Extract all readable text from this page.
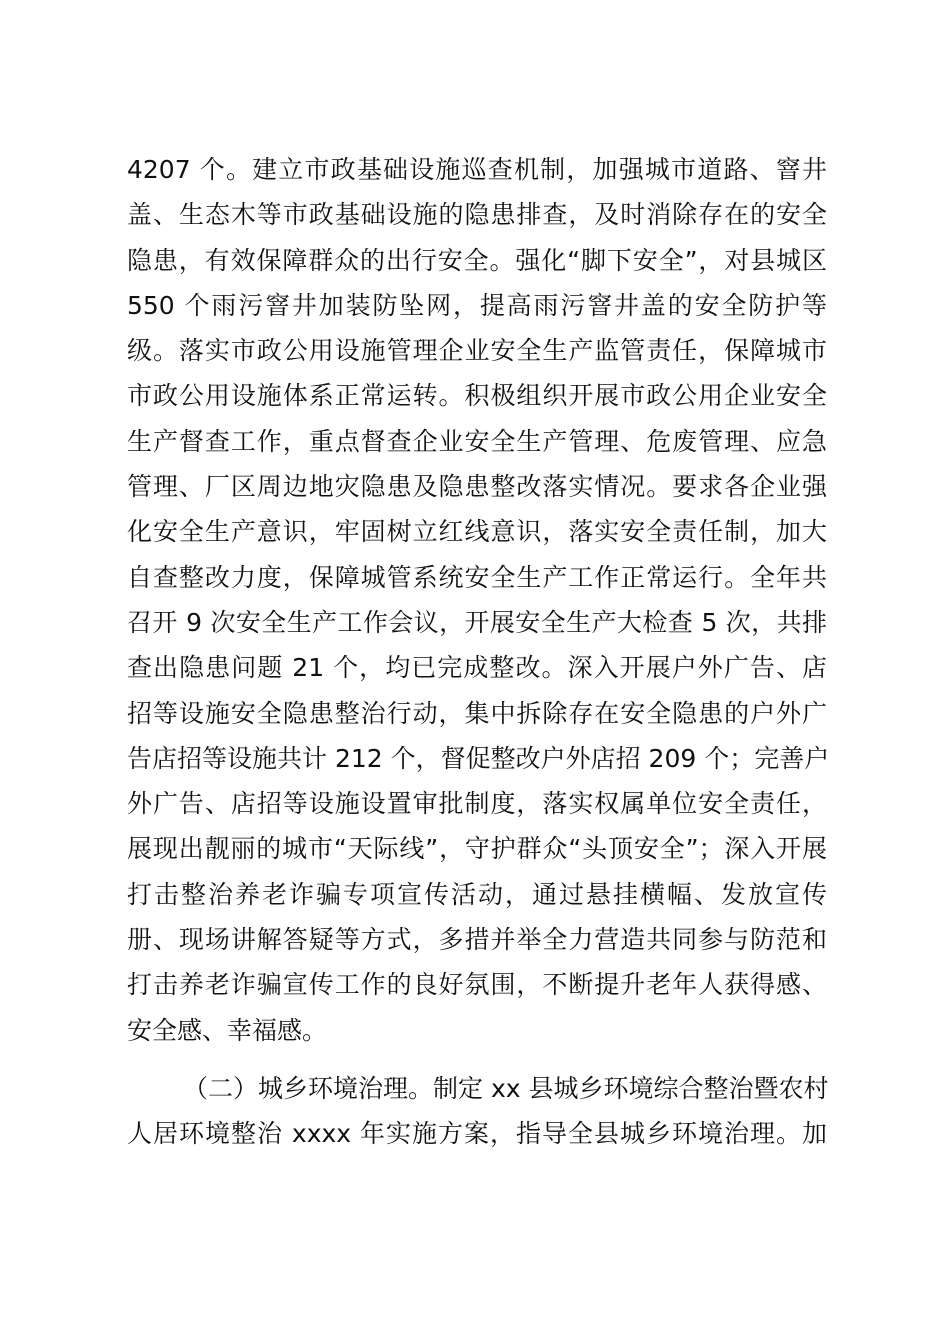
4207 个。建立市政基础设施巡查机制，加强城市道路、窨井
盖、生态木等市政基础设施的隐患排查，及时消除存在的安全
隐患，有效保障群众的出行安全。强化“脚下安全”，对县城区
550 个雨污窨井加装防坠网，提高雨污窨井盖的安全防护等
级。落实市政公用设施管理企业安全生产监管责任，保障城市
市政公用设施体系正常运转。积极组织开展市政公用企业安全
生产督查工作，重点督查企业安全生产管理、危废管理、应急
管理、厂区周边地灾隐患及隐患整改落实情况。要求各企业强
化安全生产意识，牢固树立红线意识，落实安全责任制，加大
自查整改力度，保障城管系统安全生产工作正常运行。全年共
召开 9 次安全生产工作会议，开展安全生产大检查 5 次，共排
查出隐患问题 21 个，均已完成整改。深入开展户外广告、店
招等设施安全隐患整治行动，集中拆除存在安全隐患的户外广
告店招等设施共计 212 个，督促整改户外店招 209 个；完善户
外广告、店招等设施设置审批制度，落实权属单位安全责任，
展现出靓丽的城市“天际线”，守护群众“头顶安全”；深入开展
打击整治养老诈骗专项宣传活动，通过悬挂横幅、发放宣传
册、现场讲解答疑等方式，多措并举全力营造共同参与防范和
打击养老诈骗宣传工作的良好氛围，不断提升老年人获得感、
安全感、幸福感。
（二）城乡环境治理。制定 xx 县城乡环境综合整治暨农村
人居环境整治 xxxx 年实施方案，指导全县城乡环境治理。加
